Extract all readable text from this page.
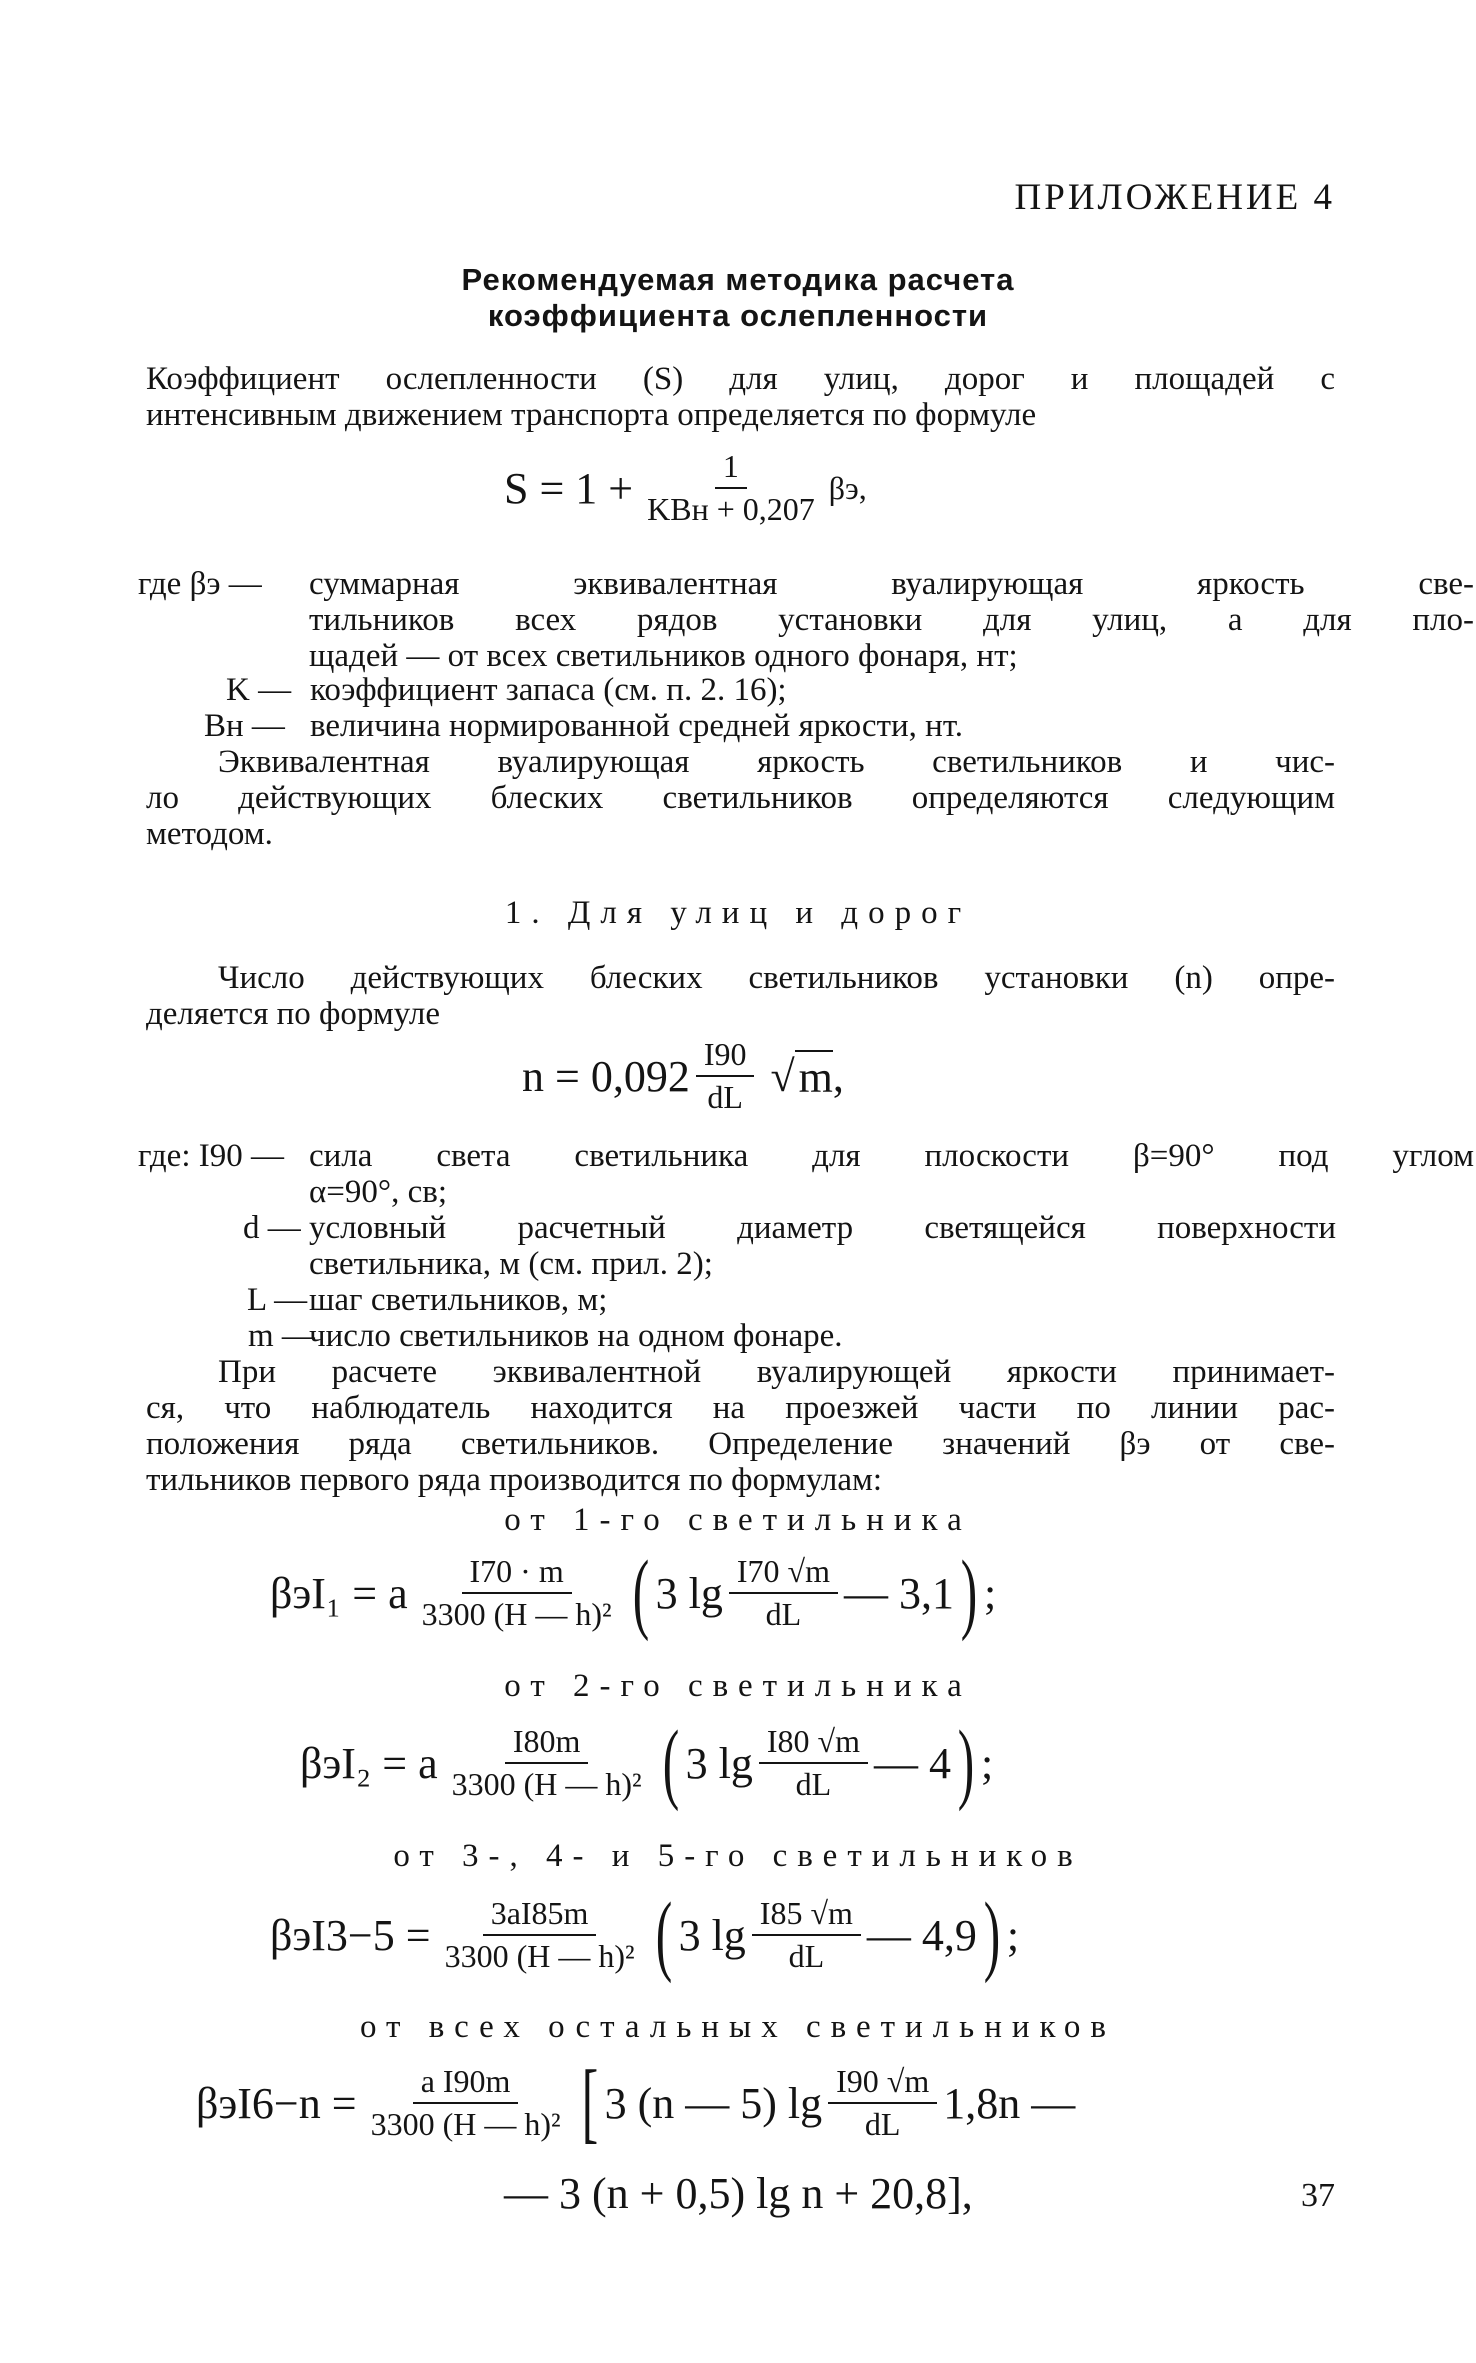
ПРИЛОЖЕНИЕ 4
Рекомендуемая методика расчета
коэффициента ослепленности
Коэффициент ослепленности (S) для улиц, дорог и площадей с
интенсивным движением транспорта определяется по формуле
$S = 1 + \frac{1}{\text{KBн + 0,207}} \beta э$,
где βэ — суммарная эквивалентная вуалирующая яркость све-
тильников всех рядов установки для улиц, а для пло-
щадей — от всех светильников одного фонаря, нт;
K — коэффициент запаса (см. п. 2. 16);
Bн — величина нормированной средней яркости, нт.
Эквивалентная вуалирующая яркость светильников и чис-
ло действующих блеских светильников определяются следующим
методом.
1. Для улиц и дорог
Число действующих блеских светильников установки (n) опре-
деляется по формуле
$n = 0,092 \frac{I90}{dL}$ √ m ,
где: I90 — сила света светильника для плоскости β=90° под углом
α=90°, св;
d — условный расчетный диаметр светящейся поверхности
светильника, м (см. прил. 2);
L — шаг светильников, м;
m —
число светильников на одном фонаре.
При расчете эквивалентной вуалирующей яркости принимает-
ся, что наблюдатель находится на проезжей части по линии рас-
положения ряда светильников. Определение значений βэ от све-
тильников первого ряда производится по формулам:
от 1-го светильника
βэI₁ = a $\frac{I70 \cdot m}{\text{3300 (H — h)²}}$ ( 3 $\lg \frac{I70 √m}{dL}$ — 3,1 ) ;
от 2-го светильника
βэI₂ = a $\frac{I80m}{\text{3300 (H — h)²}}$ ( 3 $\lg \frac{I80 √m}{dL}$ — 4 ) ;
от 3-, 4- и 5-го светильников
$\beta эI3-5 = \frac{3aI85m}{\text{3300 (H — h)²}}$ ( 3 $\lg \frac{I85 √m}{dL}$ — 4,9 ) ;
от всех остальных светильников
$\beta эI6-n = \frac{\text{a I90m}}{\text{3300 (H — h)²}}$ [ 3 (n — 5) $\lg \frac{I90 √m}{dL} 1,8n$ —
— 3 (n + 0,5) lg n + 20,8],	37
